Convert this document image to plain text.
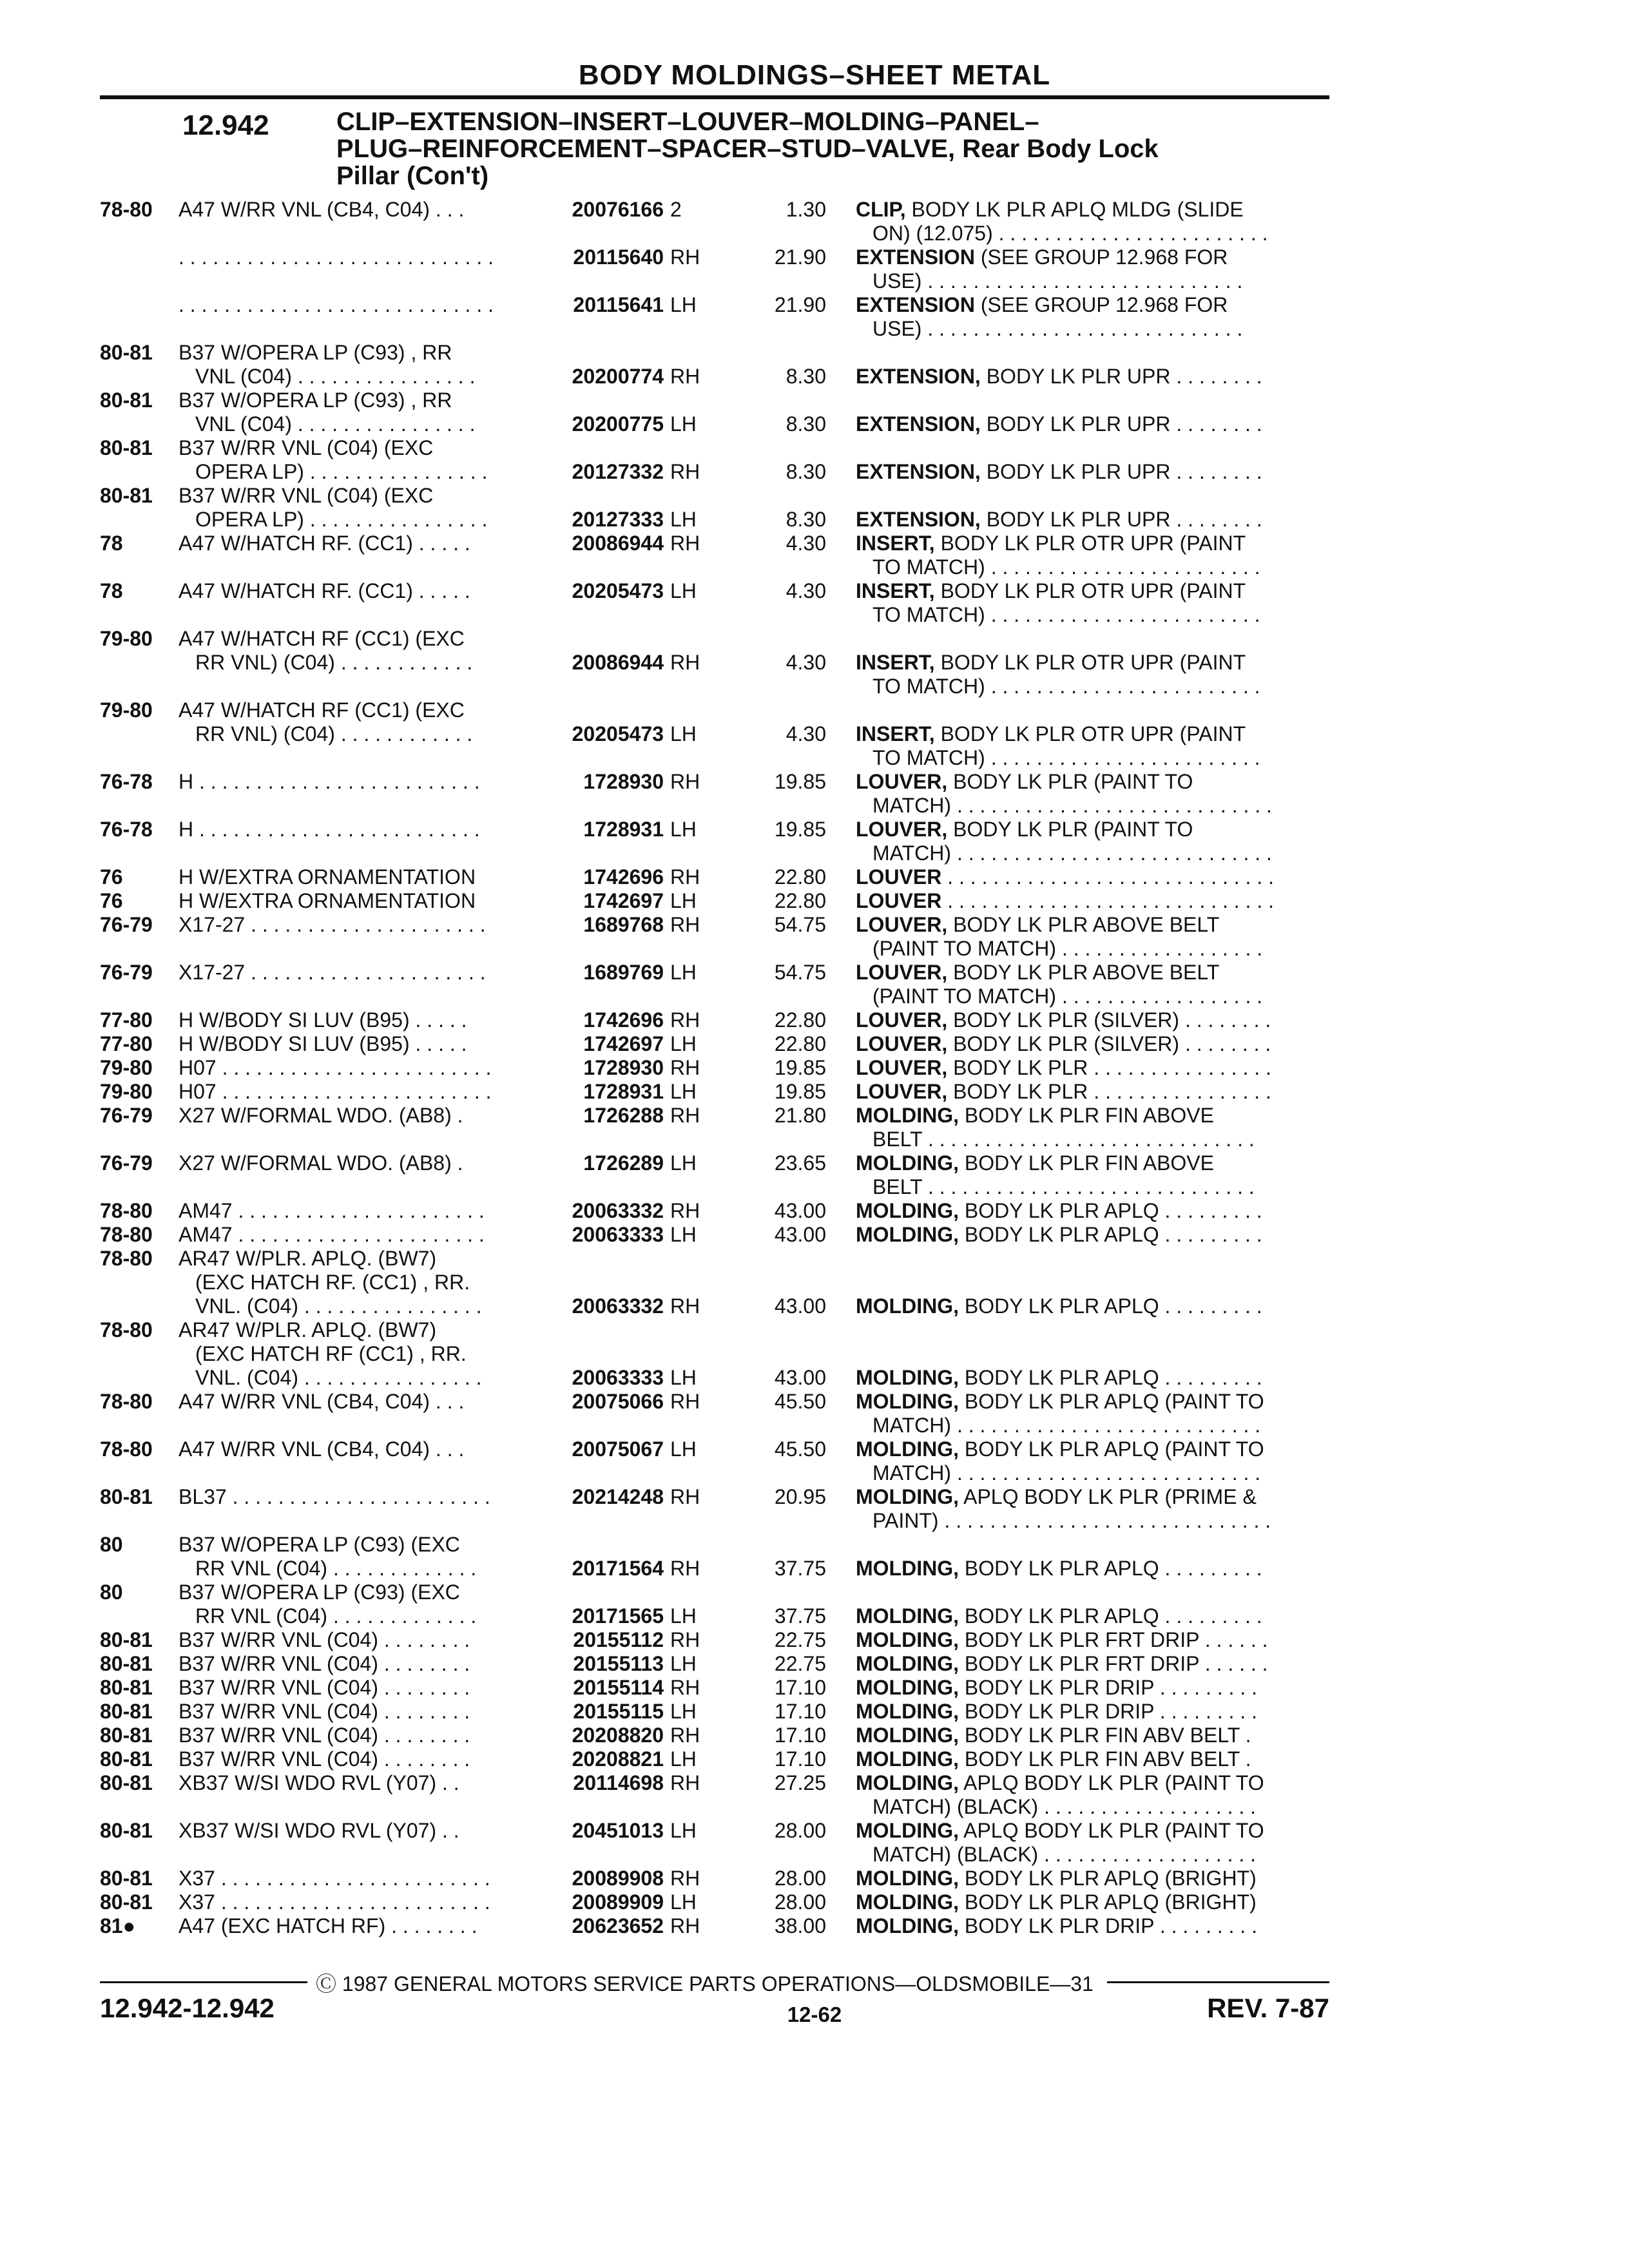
BODY MOLDINGS–SHEET METAL
12.942	CLIP–EXTENSION–INSERT–LOUVER–MOLDING–PANEL–
PLUG–REINFORCEMENT–SPACER–STUD–VALVE, Rear Body Lock
Pillar (Con't)
78-80	A47 W/RR VNL (CB4, C04) . . .	20076166 2	1.30 CLIP, BODY LK PLR APLQ MLDG (SLIDE
ON) (12.075) . . . . . . . . . . . . . . . . . . . . . . . .
. . . . . . . . . . . . . . . . . . . . . . . . . . . .	20115640 RH	21.90 EXTENSION (SEE GROUP 12.968 FOR
USE) . . . . . . . . . . . . . . . . . . . . . . . . . . . .
. . . . . . . . . . . . . . . . . . . . . . . . . . . .	20115641 LH	21.90 EXTENSION (SEE GROUP 12.968 FOR
USE) . . . . . . . . . . . . . . . . . . . . . . . . . . . .
80-81	B37 W/OPERA LP (C93) , RR
VNL (C04) . . . . . . . . . . . . . . . .	20200774 RH	8.30 EXTENSION, BODY LK PLR UPR . . . . . . . .
80-81	B37 W/OPERA LP (C93) , RR
VNL (C04) . . . . . . . . . . . . . . . .	20200775 LH	8.30 EXTENSION, BODY LK PLR UPR . . . . . . . .
80-81	B37 W/RR VNL (C04) (EXC
OPERA LP) . . . . . . . . . . . . . . . .	20127332 RH	8.30 EXTENSION, BODY LK PLR UPR . . . . . . . .
80-81	B37 W/RR VNL (C04) (EXC
OPERA LP) . . . . . . . . . . . . . . . .	20127333 LH	8.30 EXTENSION, BODY LK PLR UPR . . . . . . . .
78	A47 W/HATCH RF. (CC1) . . . . .	20086944 RH	4.30 INSERT, BODY LK PLR OTR UPR (PAINT
TO MATCH) . . . . . . . . . . . . . . . . . . . . . . . .
78	A47 W/HATCH RF. (CC1) . . . . .	20205473 LH	4.30 INSERT, BODY LK PLR OTR UPR (PAINT
TO MATCH) . . . . . . . . . . . . . . . . . . . . . . . .
79-80	A47 W/HATCH RF (CC1) (EXC
RR VNL) (C04) . . . . . . . . . . . .	20086944 RH	4.30 INSERT, BODY LK PLR OTR UPR (PAINT
TO MATCH) . . . . . . . . . . . . . . . . . . . . . . . .
79-80	A47 W/HATCH RF (CC1) (EXC
RR VNL) (C04) . . . . . . . . . . . .	20205473 LH	4.30 INSERT, BODY LK PLR OTR UPR (PAINT
TO MATCH) . . . . . . . . . . . . . . . . . . . . . . . .
76-78	H . . . . . . . . . . . . . . . . . . . . . . . . .	1728930 RH	19.85 LOUVER, BODY LK PLR (PAINT TO
MATCH) . . . . . . . . . . . . . . . . . . . . . . . . . . . .
76-78	H . . . . . . . . . . . . . . . . . . . . . . . . .	1728931 LH	19.85 LOUVER, BODY LK PLR (PAINT TO
MATCH) . . . . . . . . . . . . . . . . . . . . . . . . . . . .
76	H W/EXTRA ORNAMENTATION	1742696 RH	22.80 LOUVER . . . . . . . . . . . . . . . . . . . . . . . . . . . . .
76	H W/EXTRA ORNAMENTATION	1742697 LH	22.80 LOUVER . . . . . . . . . . . . . . . . . . . . . . . . . . . . .
76-79	X17-27 . . . . . . . . . . . . . . . . . . . . .	1689768 RH	54.75 LOUVER, BODY LK PLR ABOVE BELT
(PAINT TO MATCH) . . . . . . . . . . . . . . . . . .
76-79	X17-27 . . . . . . . . . . . . . . . . . . . . .	1689769 LH	54.75 LOUVER, BODY LK PLR ABOVE BELT
(PAINT TO MATCH) . . . . . . . . . . . . . . . . . .
77-80	H W/BODY SI LUV (B95) . . . . .	1742696 RH	22.80 LOUVER, BODY LK PLR (SILVER) . . . . . . . .
77-80	H W/BODY SI LUV (B95) . . . . .	1742697 LH	22.80 LOUVER, BODY LK PLR (SILVER) . . . . . . . .
79-80	H07 . . . . . . . . . . . . . . . . . . . . . . . .	1728930 RH	19.85 LOUVER, BODY LK PLR . . . . . . . . . . . . . . . .
79-80	H07 . . . . . . . . . . . . . . . . . . . . . . . .	1728931 LH	19.85 LOUVER, BODY LK PLR . . . . . . . . . . . . . . . .
76-79	X27 W/FORMAL WDO. (AB8) .	1726288 RH	21.80 MOLDING, BODY LK PLR FIN ABOVE
BELT . . . . . . . . . . . . . . . . . . . . . . . . . . . . .
76-79	X27 W/FORMAL WDO. (AB8) .	1726289 LH	23.65 MOLDING, BODY LK PLR FIN ABOVE
BELT . . . . . . . . . . . . . . . . . . . . . . . . . . . . .
78-80	AM47 . . . . . . . . . . . . . . . . . . . . . .	20063332 RH	43.00 MOLDING, BODY LK PLR APLQ . . . . . . . . .
78-80	AM47 . . . . . . . . . . . . . . . . . . . . . .	20063333 LH	43.00 MOLDING, BODY LK PLR APLQ . . . . . . . . .
78-80	AR47 W/PLR. APLQ. (BW7)
(EXC HATCH RF. (CC1) , RR.
VNL. (C04) . . . . . . . . . . . . . . . .	20063332 RH	43.00 MOLDING, BODY LK PLR APLQ . . . . . . . . .
78-80	AR47 W/PLR. APLQ. (BW7)
(EXC HATCH RF (CC1) , RR.
VNL. (C04) . . . . . . . . . . . . . . . .	20063333 LH	43.00 MOLDING, BODY LK PLR APLQ . . . . . . . . .
78-80	A47 W/RR VNL (CB4, C04) . . .	20075066 RH	45.50 MOLDING, BODY LK PLR APLQ (PAINT TO
MATCH) . . . . . . . . . . . . . . . . . . . . . . . . . . .
78-80	A47 W/RR VNL (CB4, C04) . . .	20075067 LH	45.50 MOLDING, BODY LK PLR APLQ (PAINT TO
MATCH) . . . . . . . . . . . . . . . . . . . . . . . . . . .
80-81	BL37 . . . . . . . . . . . . . . . . . . . . . . .	20214248 RH	20.95 MOLDING, APLQ BODY LK PLR (PRIME &
PAINT) . . . . . . . . . . . . . . . . . . . . . . . . . . . . .
80	B37 W/OPERA LP (C93) (EXC
RR VNL (C04) . . . . . . . . . . . . .	20171564 RH	37.75 MOLDING, BODY LK PLR APLQ . . . . . . . . .
80	B37 W/OPERA LP (C93) (EXC
RR VNL (C04) . . . . . . . . . . . . .	20171565 LH	37.75 MOLDING, BODY LK PLR APLQ . . . . . . . . .
80-81	B37 W/RR VNL (C04) . . . . . . . .	20155112 RH	22.75 MOLDING, BODY LK PLR FRT DRIP . . . . . .
80-81	B37 W/RR VNL (C04) . . . . . . . .	20155113 LH	22.75 MOLDING, BODY LK PLR FRT DRIP . . . . . .
80-81	B37 W/RR VNL (C04) . . . . . . . .	20155114 RH	17.10 MOLDING, BODY LK PLR DRIP . . . . . . . . .
80-81	B37 W/RR VNL (C04) . . . . . . . .	20155115 LH	17.10 MOLDING, BODY LK PLR DRIP . . . . . . . . .
80-81	B37 W/RR VNL (C04) . . . . . . . .	20208820 RH	17.10 MOLDING, BODY LK PLR FIN ABV BELT .
80-81	B37 W/RR VNL (C04) . . . . . . . .	20208821 LH	17.10 MOLDING, BODY LK PLR FIN ABV BELT .
80-81	XB37 W/SI WDO RVL (Y07) . .	20114698 RH	27.25 MOLDING, APLQ BODY LK PLR (PAINT TO
MATCH) (BLACK) . . . . . . . . . . . . . . . . . . .
80-81	XB37 W/SI WDO RVL (Y07) . .	20451013 LH	28.00 MOLDING, APLQ BODY LK PLR (PAINT TO
MATCH) (BLACK) . . . . . . . . . . . . . . . . . . .
80-81	X37 . . . . . . . . . . . . . . . . . . . . . . . .	20089908 RH	28.00 MOLDING, BODY LK PLR APLQ (BRIGHT)
80-81	X37 . . . . . . . . . . . . . . . . . . . . . . . .	20089909 LH	28.00 MOLDING, BODY LK PLR APLQ (BRIGHT)
81●	A47 (EXC HATCH RF) . . . . . . . .	20623652 RH	38.00 MOLDING, BODY LK PLR DRIP . . . . . . . . .
Ⓒ 1987 GENERAL MOTORS SERVICE PARTS OPERATIONS—OLDSMOBILE—31
12.942-12.942	12-62	REV. 7-87
